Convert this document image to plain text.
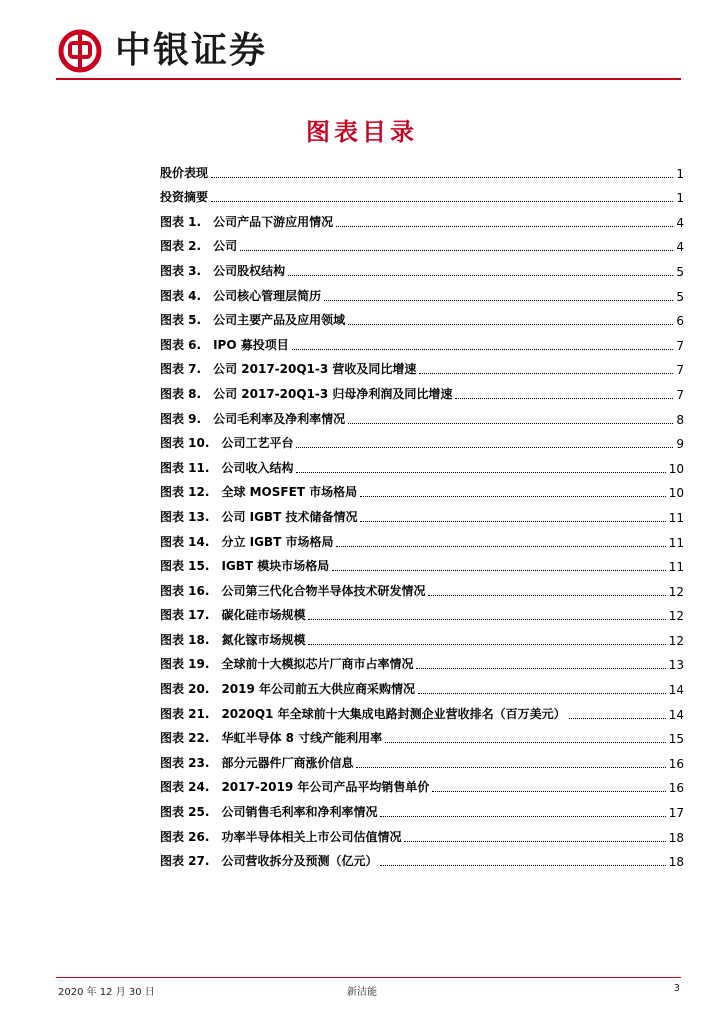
中银证券
图表目录
股价表现	1
投资摘要	1
图表 1. 公司产品下游应用情况	4
图表 2. 公司	4
图表 3. 公司股权结构	5
图表 4. 公司核心管理层简历	5
图表 5. 公司主要产品及应用领域	6
图表 6. IPO 募投项目	7
图表 7. 公司 2017-20Q1-3 营收及同比增速	7
图表 8. 公司 2017-20Q1-3 归母净利润及同比增速	7
图表 9. 公司毛利率及净利率情况	8
图表 10. 公司工艺平台	9
图表 11. 公司收入结构	10
图表 12. 全球 MOSFET 市场格局	10
图表 13. 公司 IGBT 技术储备情况	11
图表 14. 分立 IGBT 市场格局	11
图表 15. IGBT 模块市场格局	11
图表 16. 公司第三代化合物半导体技术研发情况	12
图表 17. 碳化硅市场规模	12
图表 18. 氮化镓市场规模	12
图表 19. 全球前十大模拟芯片厂商市占率情况	13
图表 20. 2019 年公司前五大供应商采购情况	14
图表 21. 2020Q1 年全球前十大集成电路封测企业营收排名（百万美元）	14
图表 22. 华虹半导体 8 寸线产能利用率	15
图表 23. 部分元器件厂商涨价信息	16
图表 24. 2017-2019 年公司产品平均销售单价	16
图表 25. 公司销售毛利率和净利率情况	17
图表 26. 功率半导体相关上市公司估值情况	18
图表 27. 公司营收拆分及预测（亿元）	18
2020 年 12 月 30 日	新洁能	3
